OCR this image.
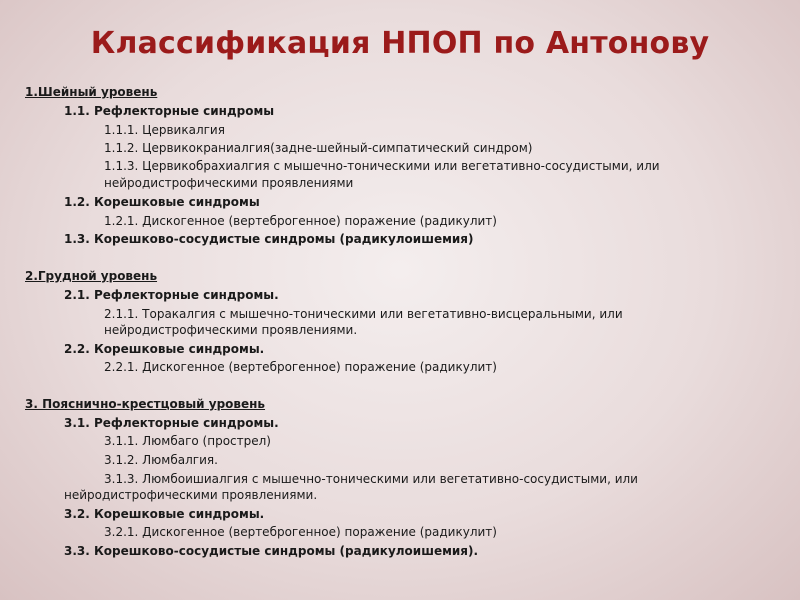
Классификация НПОП по Антонову
1.Шейный уровень
1.1. Рефлекторные синдромы
1.1.1. Цервикалгия
1.1.2. Цервикокраниалгия(задне-шейный-симпатический синдром)
1.1.3. Цервикобрахиалгия с мышечно-тоническими или вегетативно-сосудистыми, или
нейродистрофическими проявлениями
1.2. Корешковые синдромы
1.2.1. Дискогенное (вертеброгенное) поражение (радикулит)
1.3. Корешково-сосудистые синдромы (радикулоишемия)
2.Грудной уровень
2.1. Рефлекторные синдромы.
2.1.1. Торакалгия с мышечно-тоническими или вегетативно-висцеральными, или
нейродистрофическими проявлениями.
2.2. Корешковые синдромы.
2.2.1. Дискогенное (вертеброгенное) поражение (радикулит)
3. Пояснично-крестцовый уровень
3.1. Рефлекторные синдромы.
3.1.1. Люмбаго (прострел)
3.1.2. Люмбалгия.
3.1.3. Люмбоишиалгия с мышечно-тоническими или вегетативно-сосудистыми, или
нейродистрофическими проявлениями.
3.2. Корешковые синдромы.
3.2.1. Дискогенное (вертеброгенное) поражение (радикулит)
3.3. Корешково-сосудистые синдромы (радикулоишемия).
